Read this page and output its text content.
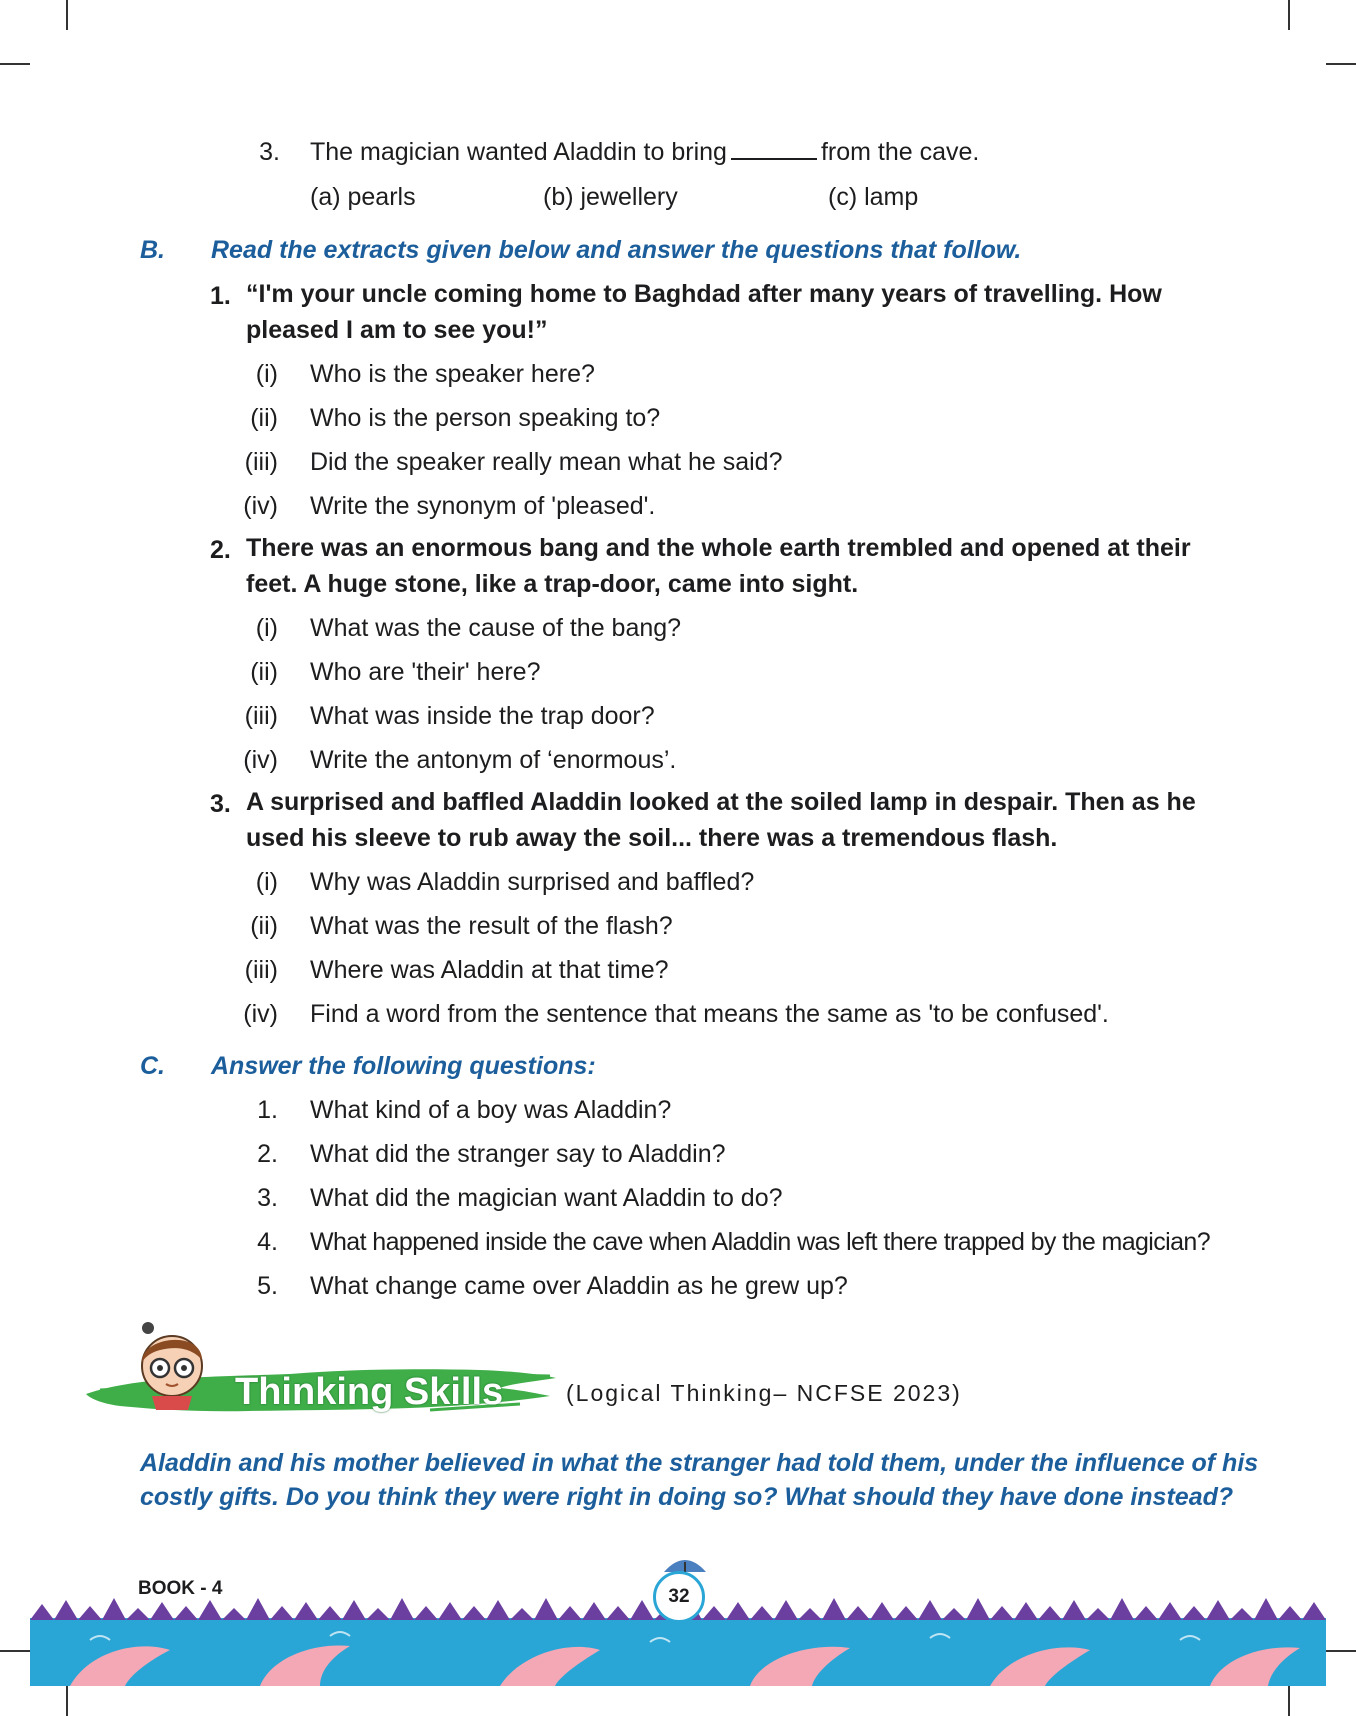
3. The magician wanted Aladdin to bring	from the cave.
(a) pearls	(b) jewellery	(c) lamp
B. Read the extracts given below and answer the questions that follow.
1. “I'm your uncle coming home to Baghdad after many years of travelling. How pleased I am to see you!”
(i) Who is the speaker here?
(ii) Who is the person speaking to?
(iii) Did the speaker really mean what he said?
(iv) Write the synonym of 'pleased'.
2. There was an enormous bang and the whole earth trembled and opened at their feet. A huge stone, like a trap-door, came into sight.
(i) What was the cause of the bang?
(ii) Who are 'their' here?
(iii) What was inside the trap door?
(iv) Write the antonym of ‘enormous’.
3. A surprised and baffled Aladdin looked at the soiled lamp in despair. Then as he used his sleeve to rub away the soil... there was a tremendous flash.
(i) Why was Aladdin surprised and baffled?
(ii) What was the result of the flash?
(iii) Where was Aladdin at that time?
(iv) Find a word from the sentence that means the same as 'to be confused'.
C. Answer the following questions:
1. What kind of a boy was Aladdin?
2. What did the stranger say to Aladdin?
3. What did the magician want Aladdin to do?
4. What happened inside the cave when Aladdin was left there trapped by the magician?
5. What change came over Aladdin as he grew up?
Thinking Skills	(Logical Thinking– NCFSE 2023)
Aladdin and his mother believed in what the stranger had told them, under the influence of his costly gifts. Do you think they were right in doing so? What should they have done instead?
32
BOOK - 4
